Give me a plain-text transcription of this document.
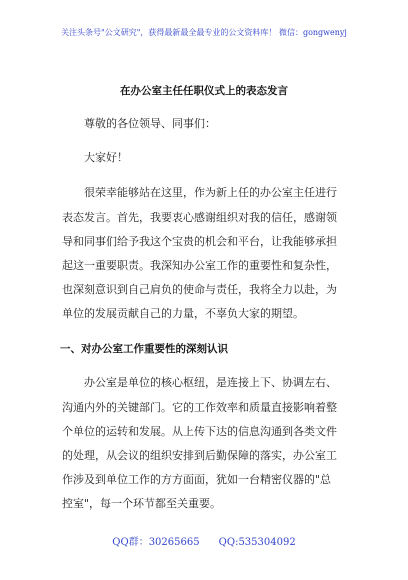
关注头条号"公文研究"，获得最新最全最专业的公文资料库！ 微信：gongwenyj
在办公室主任任职仪式上的表态发言
尊敬的各位领导、同事们：
大家好！
很荣幸能够站在这里，作为新上任的办公室主任进行
表态发言。首先，我要衷心感谢组织对我的信任，感谢领
导和同事们给予我这个宝贵的机会和平台，让我能够承担
起这一重要职责。我深知办公室工作的重要性和复杂性，
也深刻意识到自己肩负的使命与责任，我将全力以赴，为
单位的发展贡献自己的力量，不辜负大家的期望。
一、对办公室工作重要性的深刻认识
办公室是单位的核心枢纽，是连接上下、协调左右、
沟通内外的关键部门。它的工作效率和质量直接影响着整
个单位的运转和发展。从上传下达的信息沟通到各类文件
的处理，从会议的组织安排到后勤保障的落实，办公室工
作涉及到单位工作的方方面面，犹如一台精密仪器的"总
控室"，每一个环节都至关重要。
QQ群：30265665 QQ:535304092
